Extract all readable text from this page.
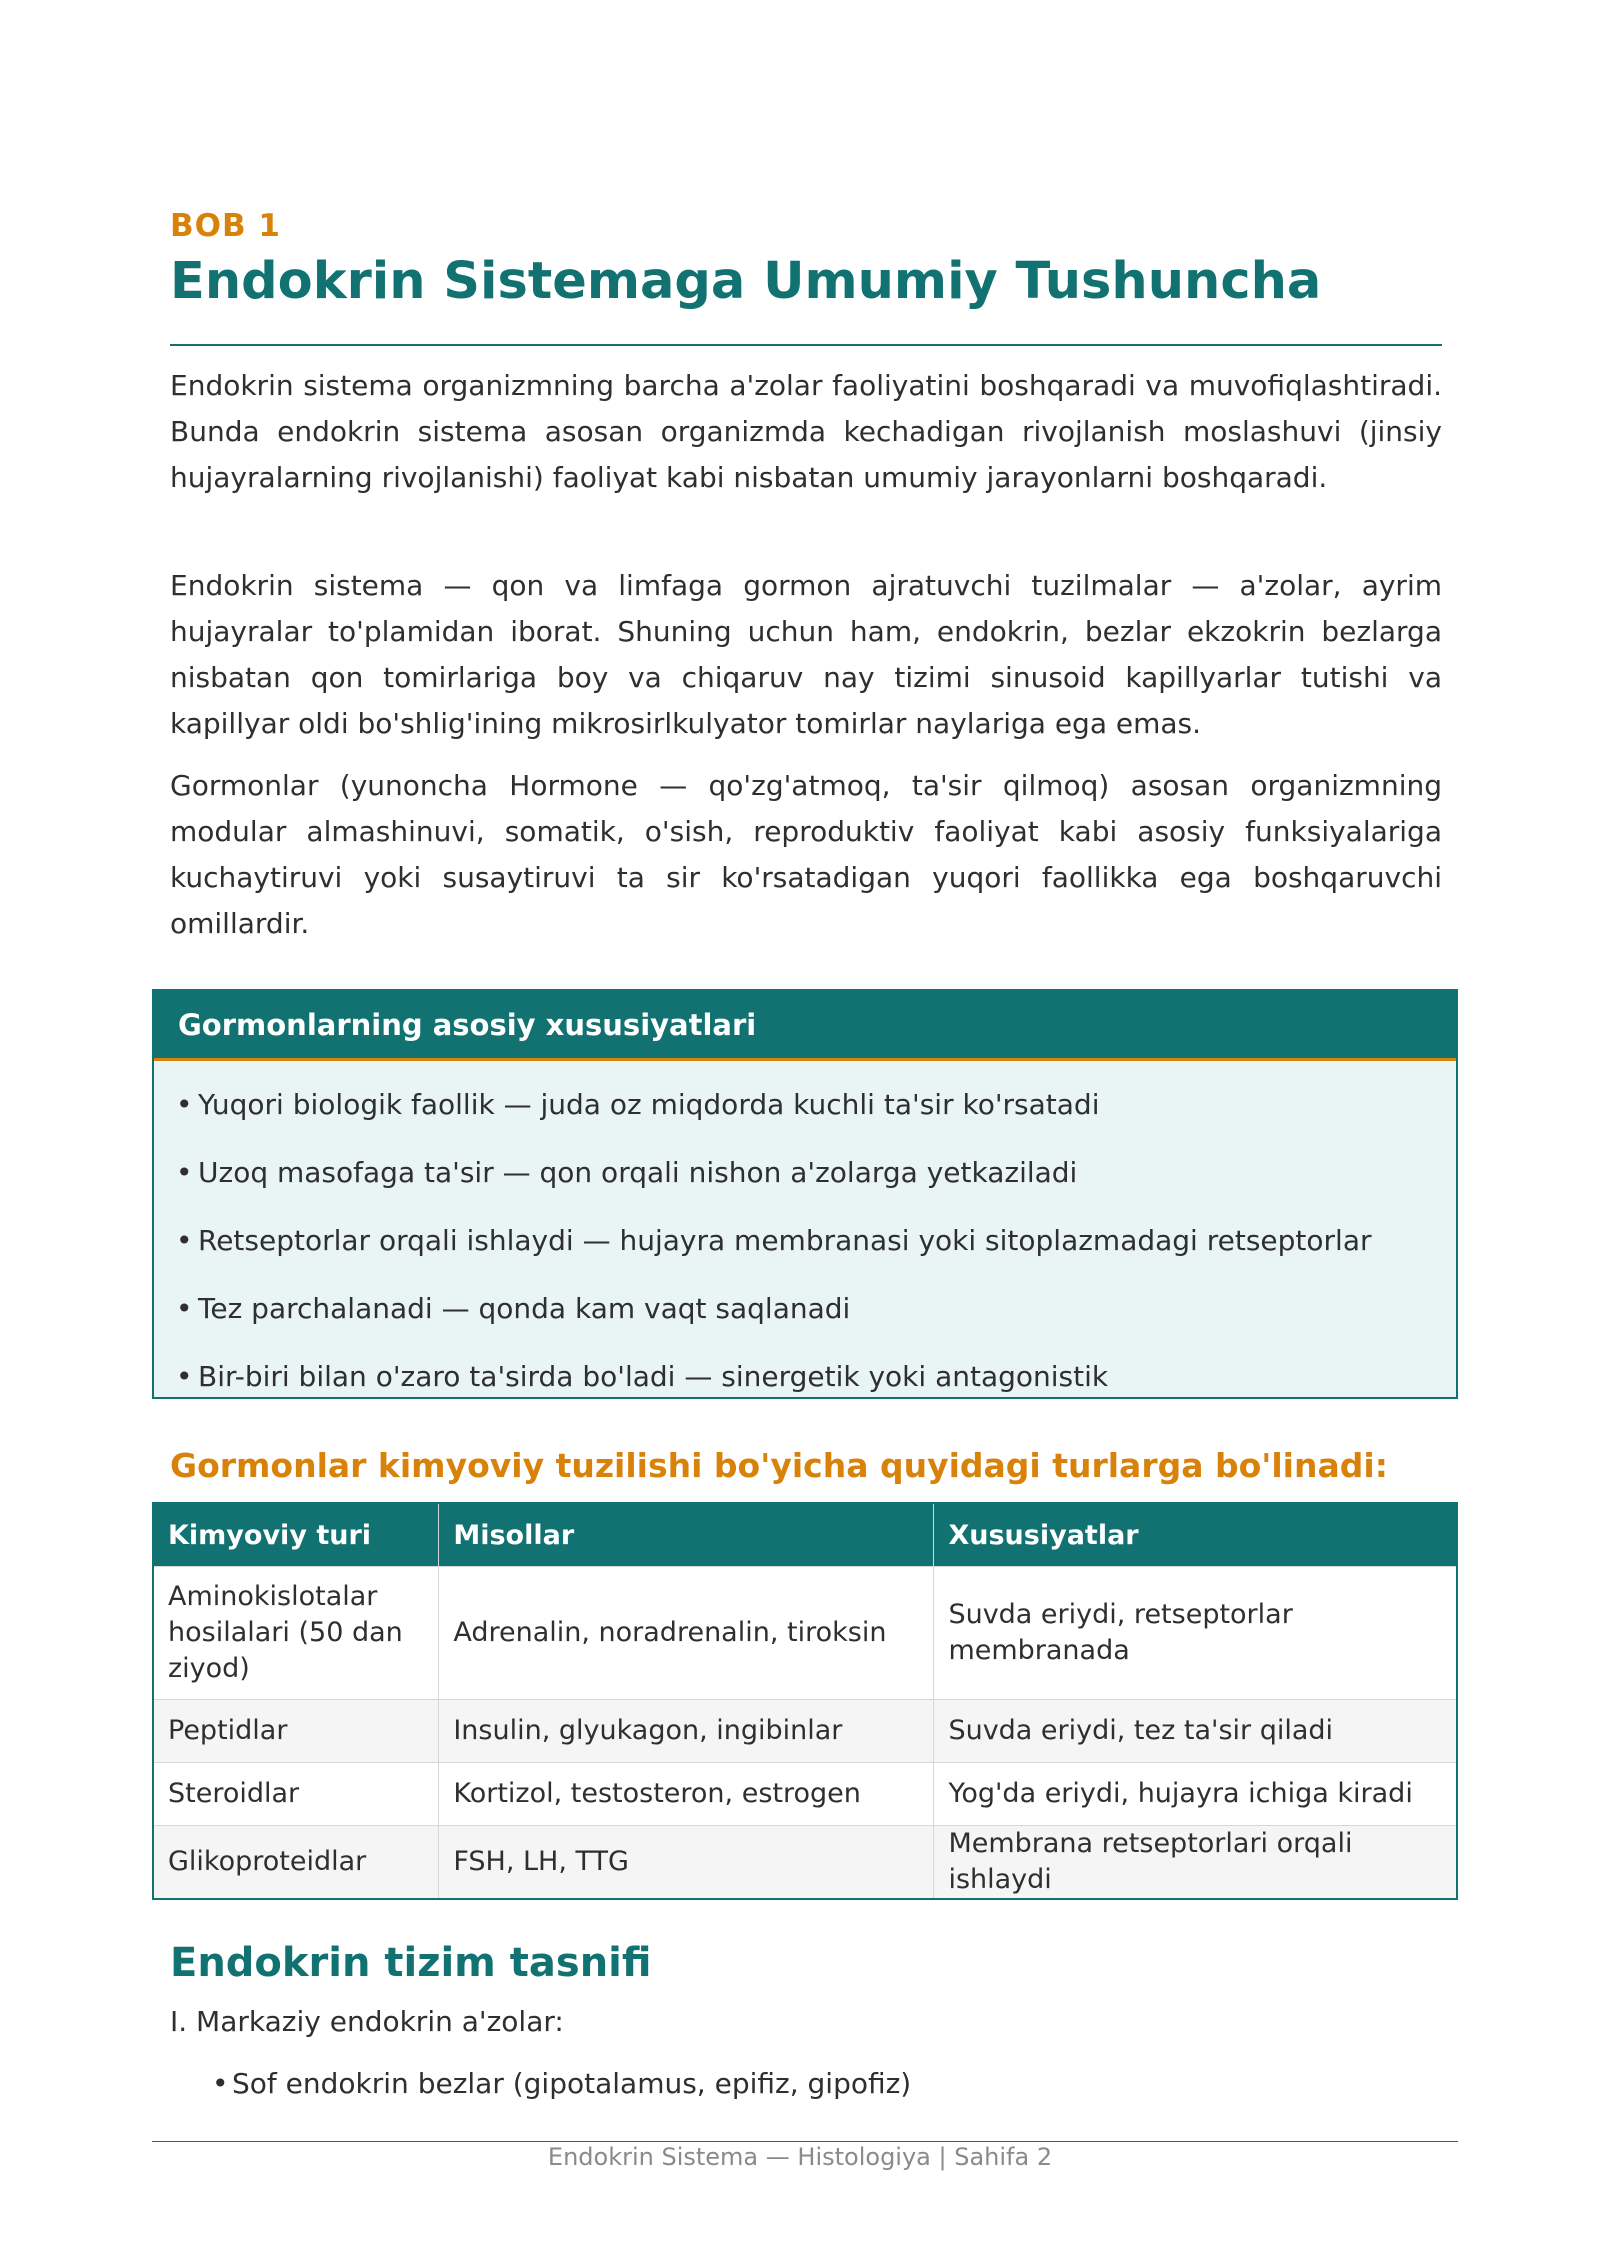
BOB 1
Endokrin Sistemaga Umumiy Tushuncha

Endokrin sistema organizmning barcha a'zolar faoliyatini boshqaradi va muvofiqlashtiradi. Bunda endokrin sistema asosan organizmda kechadigan rivojlanish moslashuvi (jinsiy hujayralarning rivojlanishi) faoliyat kabi nisbatan umumiy jarayonlarni boshqaradi.

Endokrin sistema — qon va limfaga gormon ajratuvchi tuzilmalar — a'zolar, ayrim hujayralar to'plamidan iborat. Shuning uchun ham, endokrin, bezlar ekzokrin bezlarga nisbatan qon tomirlariga boy va chiqaruv nay tizimi sinusoid kapillyarlar tutishi va kapillyar oldi bo'shlig'ining mikrosirlkulyator tomirlar naylariga ega emas.

Gormonlar (yunoncha Hormone — qo'zg'atmoq, ta'sir qilmoq) asosan organizmning modular almashinuvi, somatik, o'sish, reproduktiv faoliyat kabi asosiy funksiyalariga kuchaytiruvi yoki susaytiruvi ta sir ko'rsatadigan yuqori faollikka ega boshqaruvchi omillardir.

Gormonlarning asosiy xususiyatlari
• Yuqori biologik faollik — juda oz miqdorda kuchli ta'sir ko'rsatadi
• Uzoq masofaga ta'sir — qon orqali nishon a'zolarga yetkaziladi
• Retseptorlar orqali ishlaydi — hujayra membranasi yoki sitoplazmadagi retseptorlar
• Tez parchalanadi — qonda kam vaqt saqlanadi
• Bir-biri bilan o'zaro ta'sirda bo'ladi — sinergetik yoki antagonistik
Gormonlar kimyoviy tuzilishi bo'yicha quyidagi turlarga bo'linadi:
Kimyoviy turi	Misollar	Xususiyatlar
Aminokislotalar hosilalari (50 dan ziyod)	Adrenalin, noradrenalin, tiroksin	Suvda eriydi, retseptorlar membranada
Peptidlar	Insulin, glyukagon, ingibinlar	Suvda eriydi, tez ta'sir qiladi
Steroidlar	Kortizol, testosteron, estrogen	Yog'da eriydi, hujayra ichiga kiradi
Glikoproteidlar	FSH, LH, TTG	Membrana retseptorlari orqali ishlaydi
Endokrin tizim tasnifi
I. Markaziy endokrin a'zolar:
• Sof endokrin bezlar (gipotalamus, epifiz, gipofiz)
Endokrin Sistema — Histologiya | Sahifa 2
